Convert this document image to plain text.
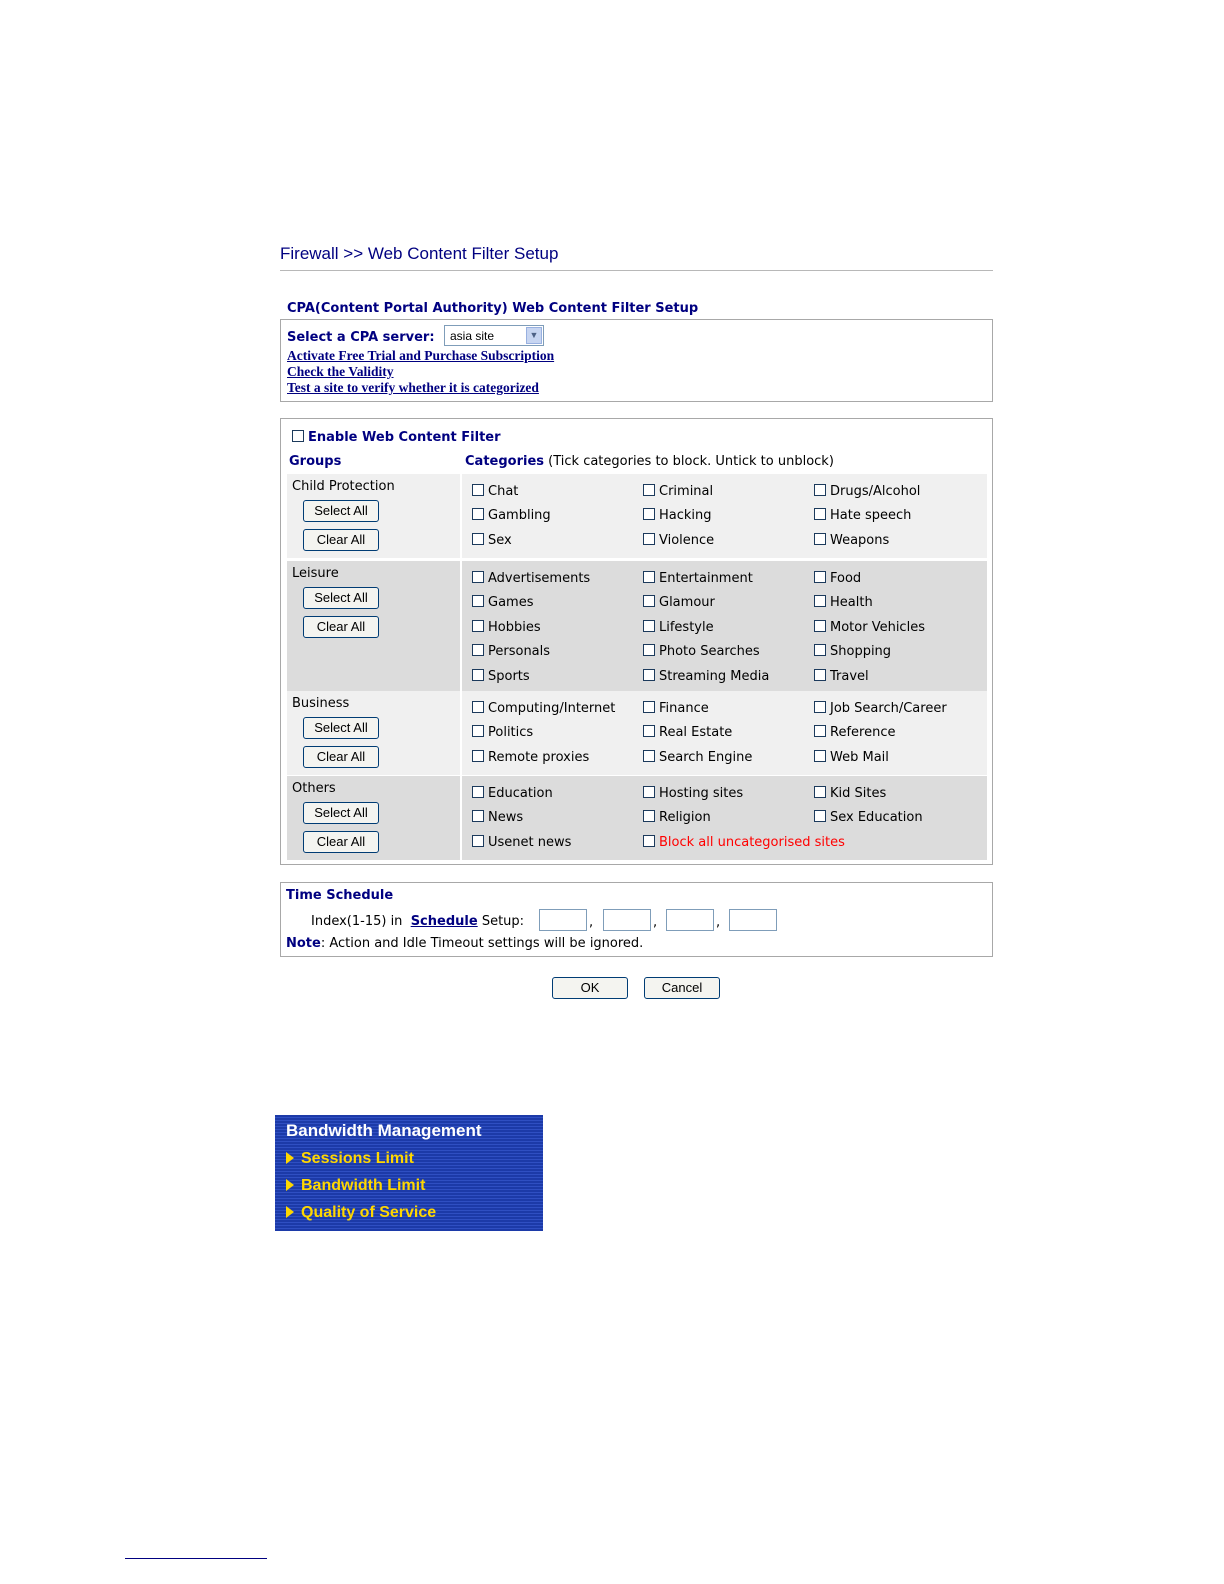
Firewall >> Web Content Filter Setup
CPA(Content Portal Authority) Web Content Filter Setup
Select a CPA server: asia site	▼
Activate Free Trial and Purchase Subscription
Check the Validity
Test a site to verify whether it is categorized
Enable Web Content Filter
Groups	Categories (Tick categories to block. Untick to unblock)
Child Protection
Select All
Clear All
Chat	Criminal	Drugs/Alcohol
Gambling	Hacking	Hate speech
Sex	Violence	Weapons
Leisure
Select All
Clear All
Advertisements	Entertainment	Food
Games	Glamour	Health
Hobbies	Lifestyle	Motor Vehicles
Personals	Photo Searches	Shopping
Sports	Streaming Media	Travel
Business
Select All
Clear All
Computing/Internet	Finance	Job Search/Career
Politics	Real Estate	Reference
Remote proxies	Search Engine	Web Mail
Others
Select All
Clear All
Education	Hosting sites	Kid Sites
News	Religion	Sex Education
Usenet news	Block all uncategorised sites
Time Schedule
Index(1-15) in Schedule Setup:	,	,	,
Note: Action and Idle Timeout settings will be ignored.
OK	Cancel
Bandwidth Management
Sessions Limit
Bandwidth Limit
Quality of Service
